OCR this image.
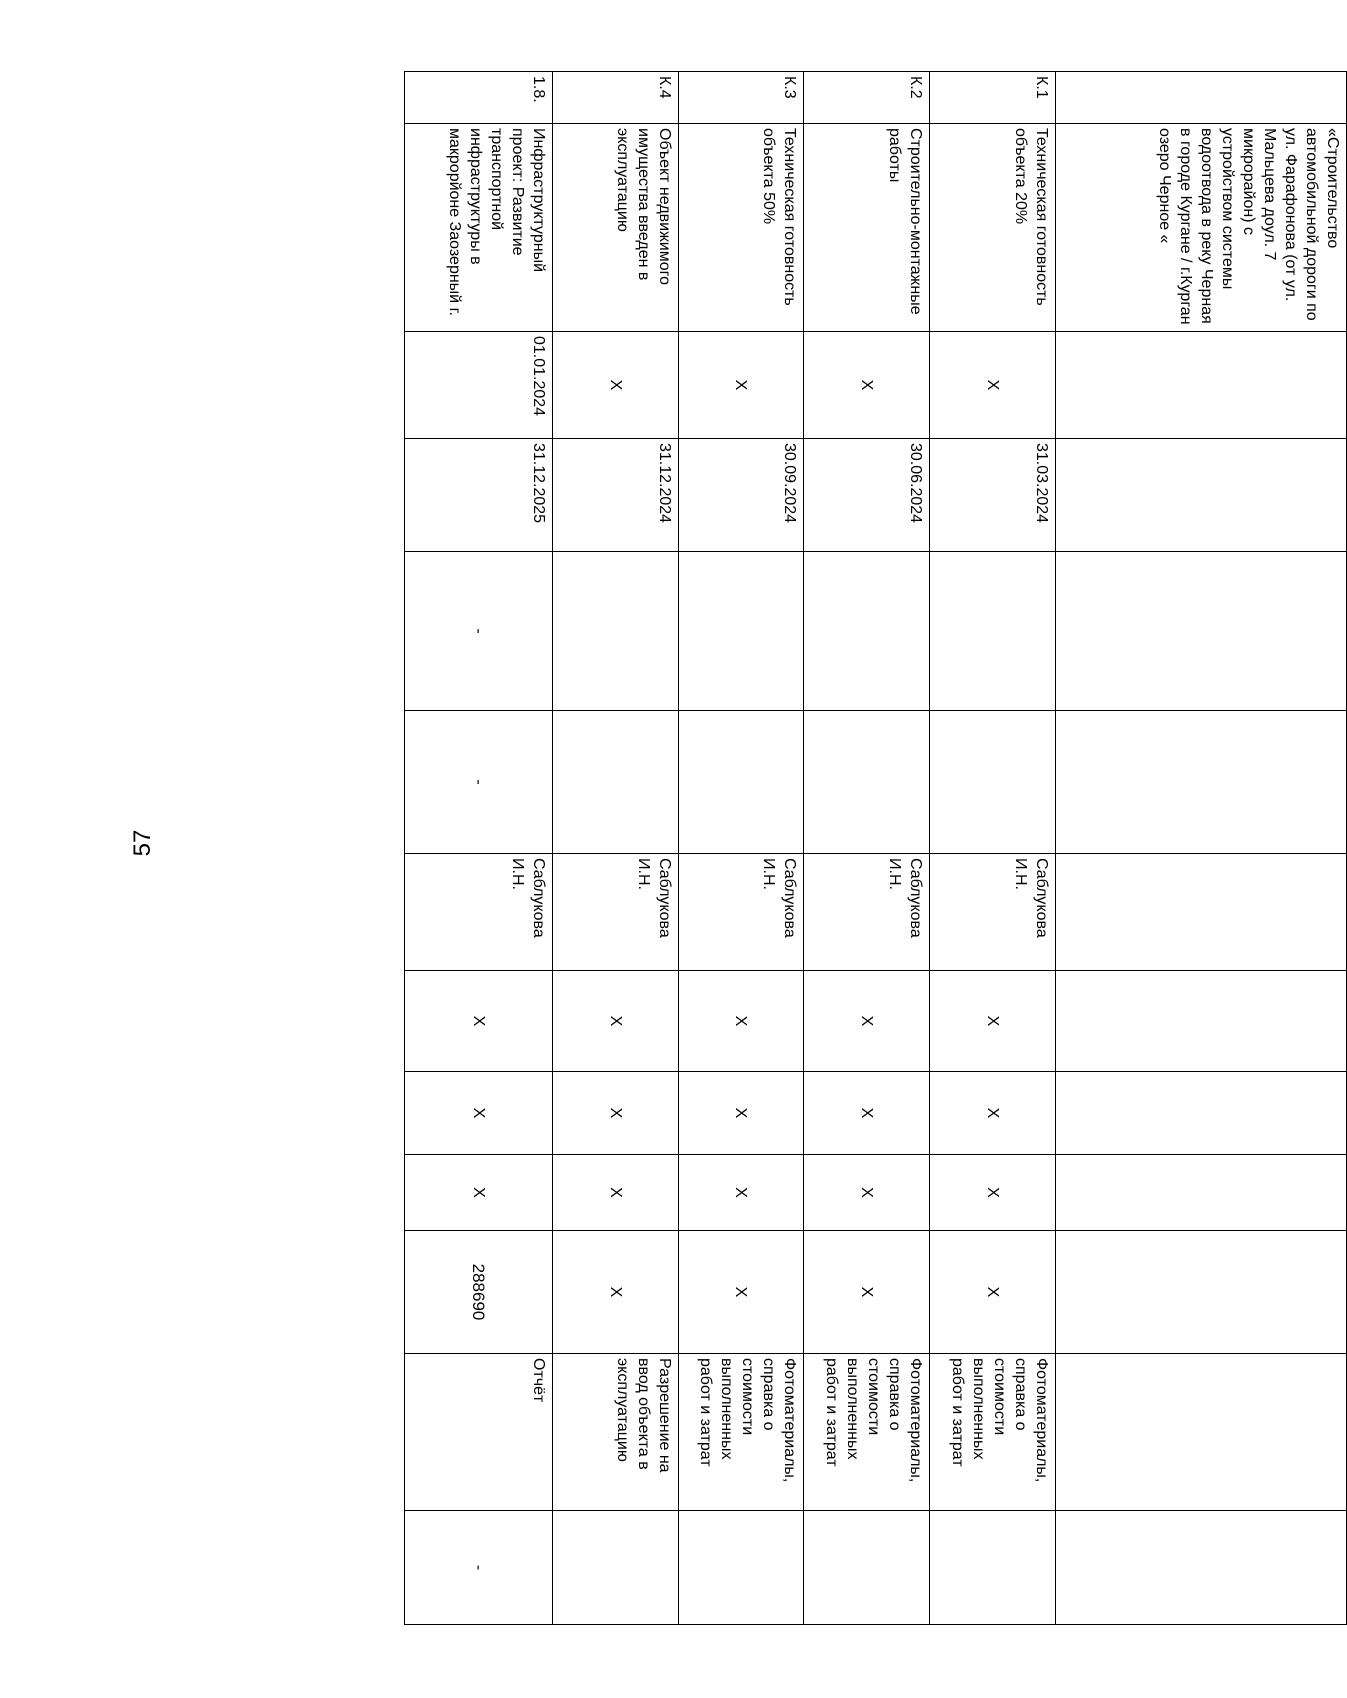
57
	«Строительство автомобильной дороги по ул. Фарафонова (от ул. Мальцева доул. 7 микрорайон) с устройством системы водоотвода в реку Черная в городе Кургане / г.Курган озеро Черное «											
К.1	Техническая готовность объекта 20%	X	31.03.2024			Саблукова И.Н.	X	X	X	X	Фотоматериалы, справка о стоимости выполненных работ и затрат	
К.2	Строительно-монтажные работы	X	30.06.2024			Саблукова И.Н.	X	X	X	X	Фотоматериалы, справка о стоимости выполненных работ и затрат	
К.3	Техническая готовность объекта 50%	X	30.09.2024			Саблукова И.Н.	X	X	X	X	Фотоматериалы, справка о стоимости выполненных работ и затрат	
К.4	Объект недвижимого имущества введен в эксплуатацию	X	31.12.2024			Саблукова И.Н.	X	X	X	X	Разрешение на ввод объекта в эксплуатацию	
1.8.	Инфраструктурный проект: Развитие транспортной инфраструктуры в макрорйоне Заозерный г.	01.01.2024	31.12.2025	-	-	Саблукова И.Н.	X	X	X	288690	Отчёт	-
